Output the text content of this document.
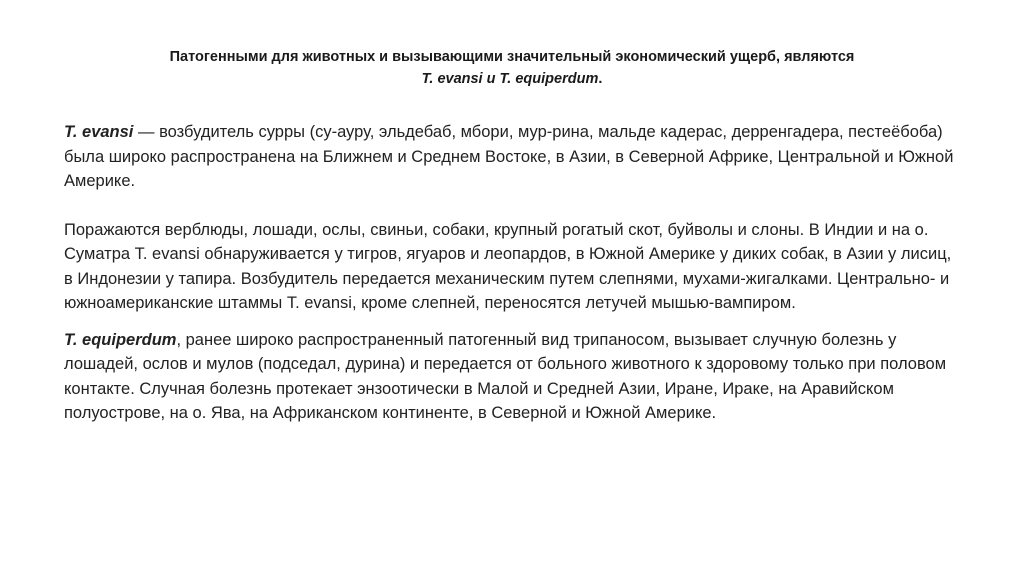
Патогенными для животных и вызывающими значительный экономический ущерб, являются
T. evansi и T. equiperdum.

T. evansi — возбудитель сурры (су-ауру, эльдебаб, мбори, мур-рина, мальде кадерас, дерренгадера, пестеёбоба) была широко распространена на Ближнем и Среднем Востоке, в Азии, в Северной Африке, Центральной и Южной Америке.

Поражаются верблюды, лошади, ослы, свиньи, собаки, крупный рогатый скот, буйволы и слоны. В Индии и на о. Суматра T. evansi обнаруживается у тигров, ягуаров и леопардов, в Южной Америке у диких собак, в Азии у лисиц, в Индонезии у тапира. Возбудитель передается механическим путем слепнями, мухами-жигалками. Центрально- и южноамериканские штаммы T. evansi, кроме слепней, переносятся летучей мышью-вампиром.

T. equiperdum, ранее широко распространенный патогенный вид трипаносом, вызывает случную болезнь у лошадей, ослов и мулов (подседал, дурина) и передается от больного животного к здоровому только при половом контакте. Случная болезнь протекает энзоотически в Малой и Средней Азии, Иране, Ираке, на Аравийском полуострове, на о. Ява, на Африканском континенте, в Северной и Южной Америке.
